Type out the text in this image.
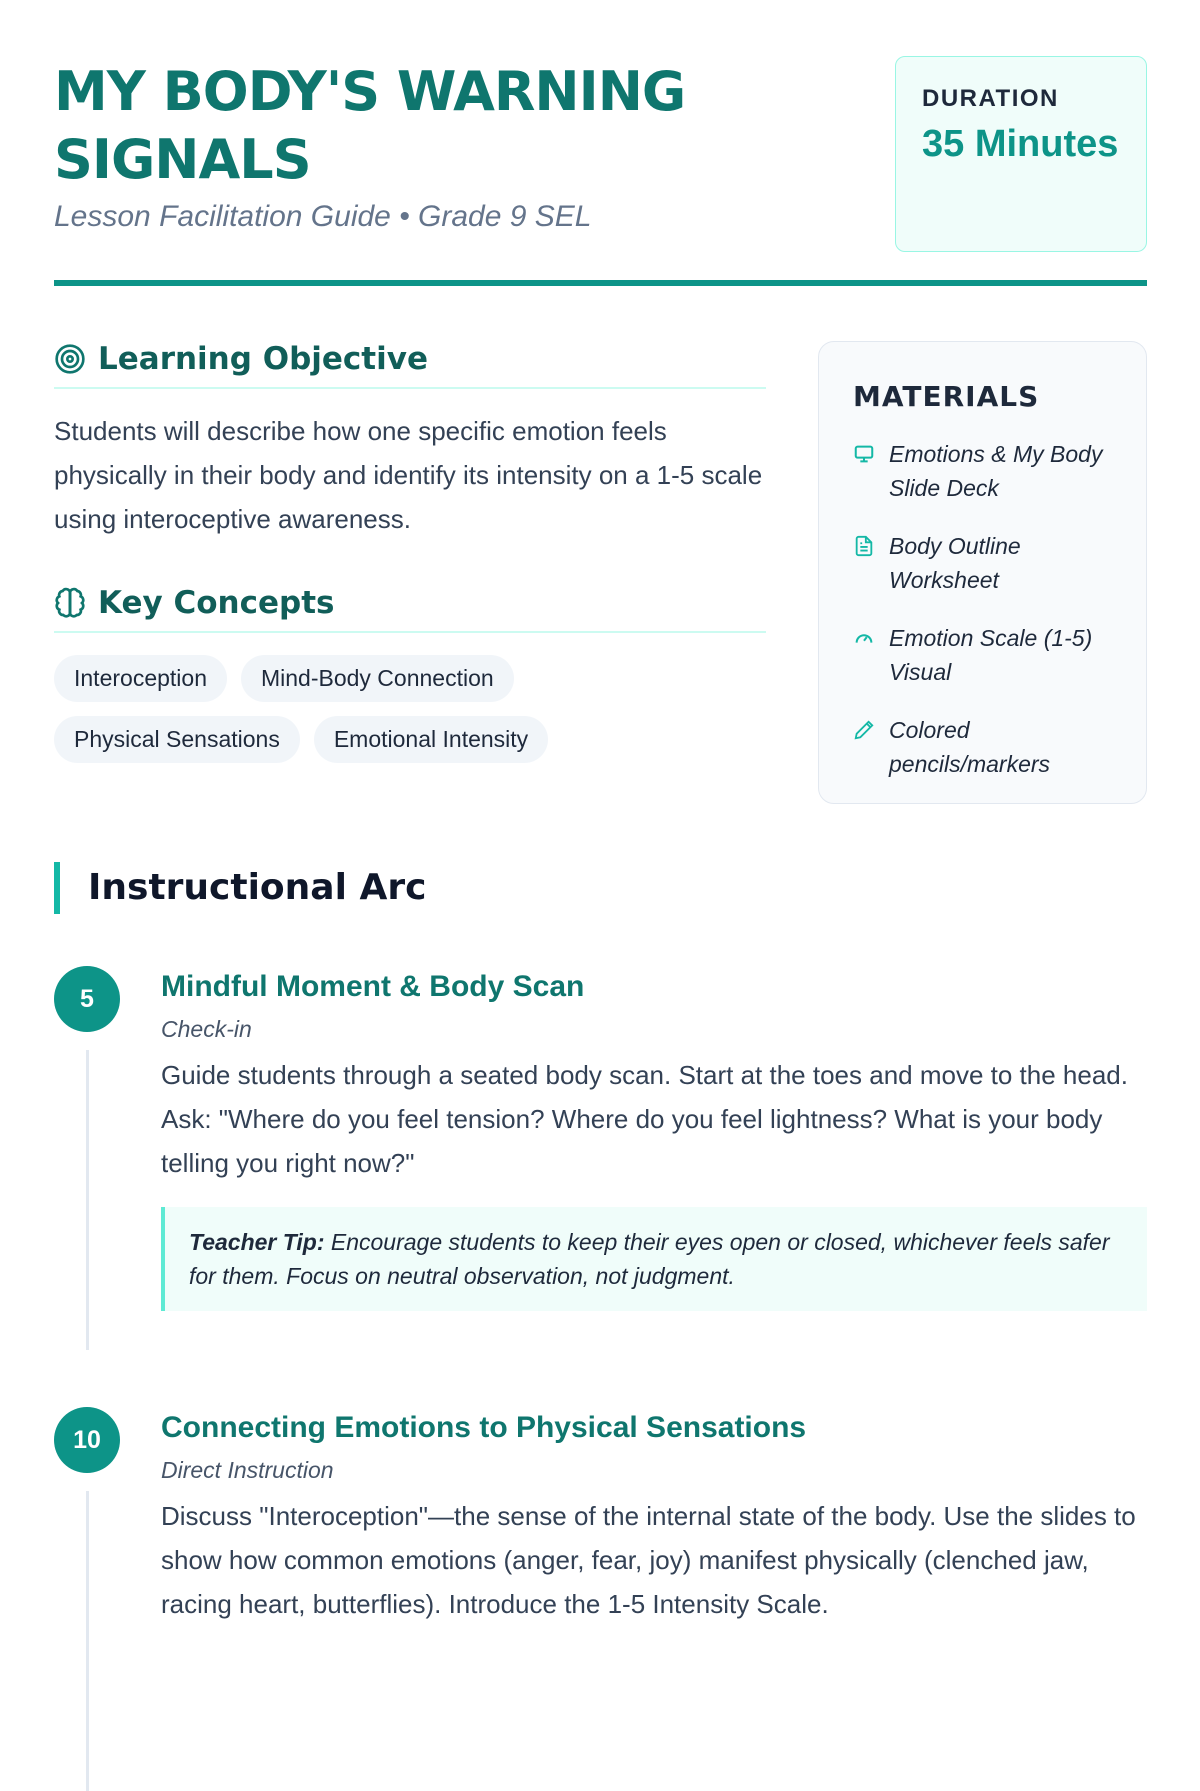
MY BODY'S WARNING SIGNALS
Lesson Facilitation Guide • Grade 9 SEL
DURATION
35 Minutes
Learning Objective

Students will describe how one specific emotion feels physically in their body and identify its intensity on a 1-5 scale using interoceptive awareness.

Key Concepts
Interoception	Mind-Body Connection
Physical Sensations	Emotional Intensity
MATERIALS
Emotions & My Body Slide Deck
Body Outline Worksheet
Emotion Scale (1-5) Visual
Colored pencils/markers
Instructional Arc
5	Mindful Moment & Body Scan
Check-in

Guide students through a seated body scan. Start at the toes and move to the head. Ask: "Where do you feel tension? Where do you feel lightness? What is your body telling you right now?"

Teacher Tip: Encourage students to keep their eyes open or closed, whichever feels safer for them. Focus on neutral observation, not judgment.
10	Connecting Emotions to Physical Sensations
Direct Instruction

Discuss "Interoception"—the sense of the internal state of the body. Use the slides to show how common emotions (anger, fear, joy) manifest physically (clenched jaw, racing heart, butterflies). Introduce the 1-5 Intensity Scale.
